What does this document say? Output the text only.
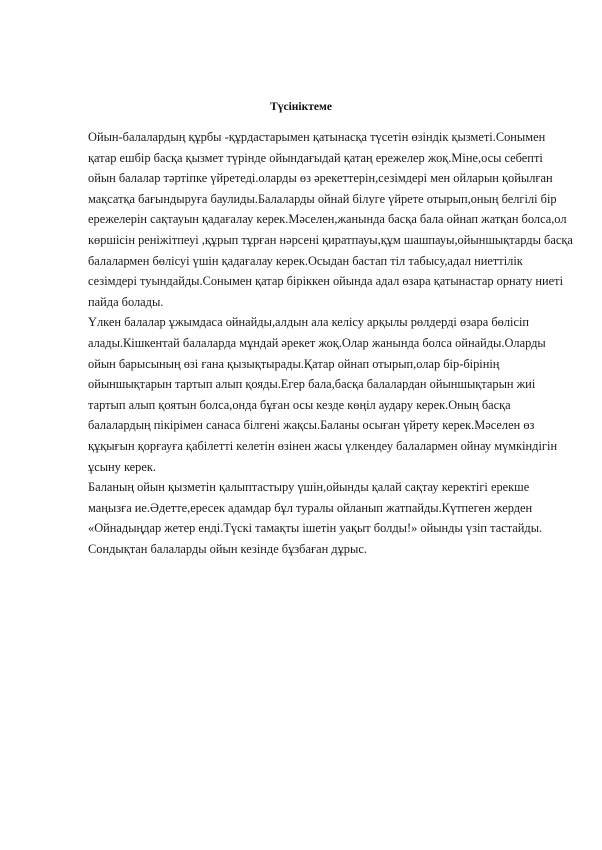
Түсініктеме
Ойын-балалардың құрбы -құрдастарымен қатынасқа түсетін өзіндік қызметі.Сонымен
қатар ешбір басқа қызмет түрінде ойындағыдай қатаң ережелер жоқ.Міне,осы себепті
ойын балалар тәртіпке үйретеді.оларды өз әрекеттерін,сезімдері мен ойларын қойылған
мақсатқа бағындыруға баулиды.Балаларды ойнай білуге үйрете отырып,оның белгілі бір
ережелерін сақтауын қадағалау керек.Мәселен,жанында басқа бала ойнап жатқан болса,ол
көршісін реніжітпеуі ,құрып тұрған нәрсені қиратпауы,құм шашпауы,ойыншықтарды басқа
балалармен бөлісуі үшін қадағалау керек.Осыдан бастап тіл табысу,адал ниеттілік
сезімдері туындайды.Сонымен қатар біріккен ойында адал өзара қатынастар орнату ниеті
пайда болады.
Үлкен балалар ұжымдаса ойнайды,алдын ала келісу арқылы рөлдерді өзара бөлісіп
алады.Кішкентай балаларда мұндай әрекет жоқ.Олар жанында болса ойнайды.Оларды
ойын барысының өзі ғана қызықтырады.Қатар ойнап отырып,олар бір-бірінің
ойыншықтарын тартып алып қояды.Егер бала,басқа балалардан ойыншықтарын жиі
тартып алып қоятын болса,онда бұған осы кезде көңіл аудару керек.Оның басқа
балалардың пікірімен санаса білгені жақсы.Баланы осыған үйрету керек.Мәселен өз
құқығын қорғауға қабілетті келетін өзінен жасы үлкендеу балалармен ойнау мүмкіндігін
ұсыну керек.
Баланың ойын қызметін қалыптастыру үшін,ойынды қалай сақтау керектігі ерекше
маңызға ие.Әдетте,ересек адамдар бұл туралы ойланып жатпайды.Күтпеген жерден
«Ойнадыңдар жетер енді.Түскі тамақты ішетін уақыт болды!» ойынды үзіп тастайды.
Сондықтан балаларды ойын кезінде бұзбаған дұрыс.
